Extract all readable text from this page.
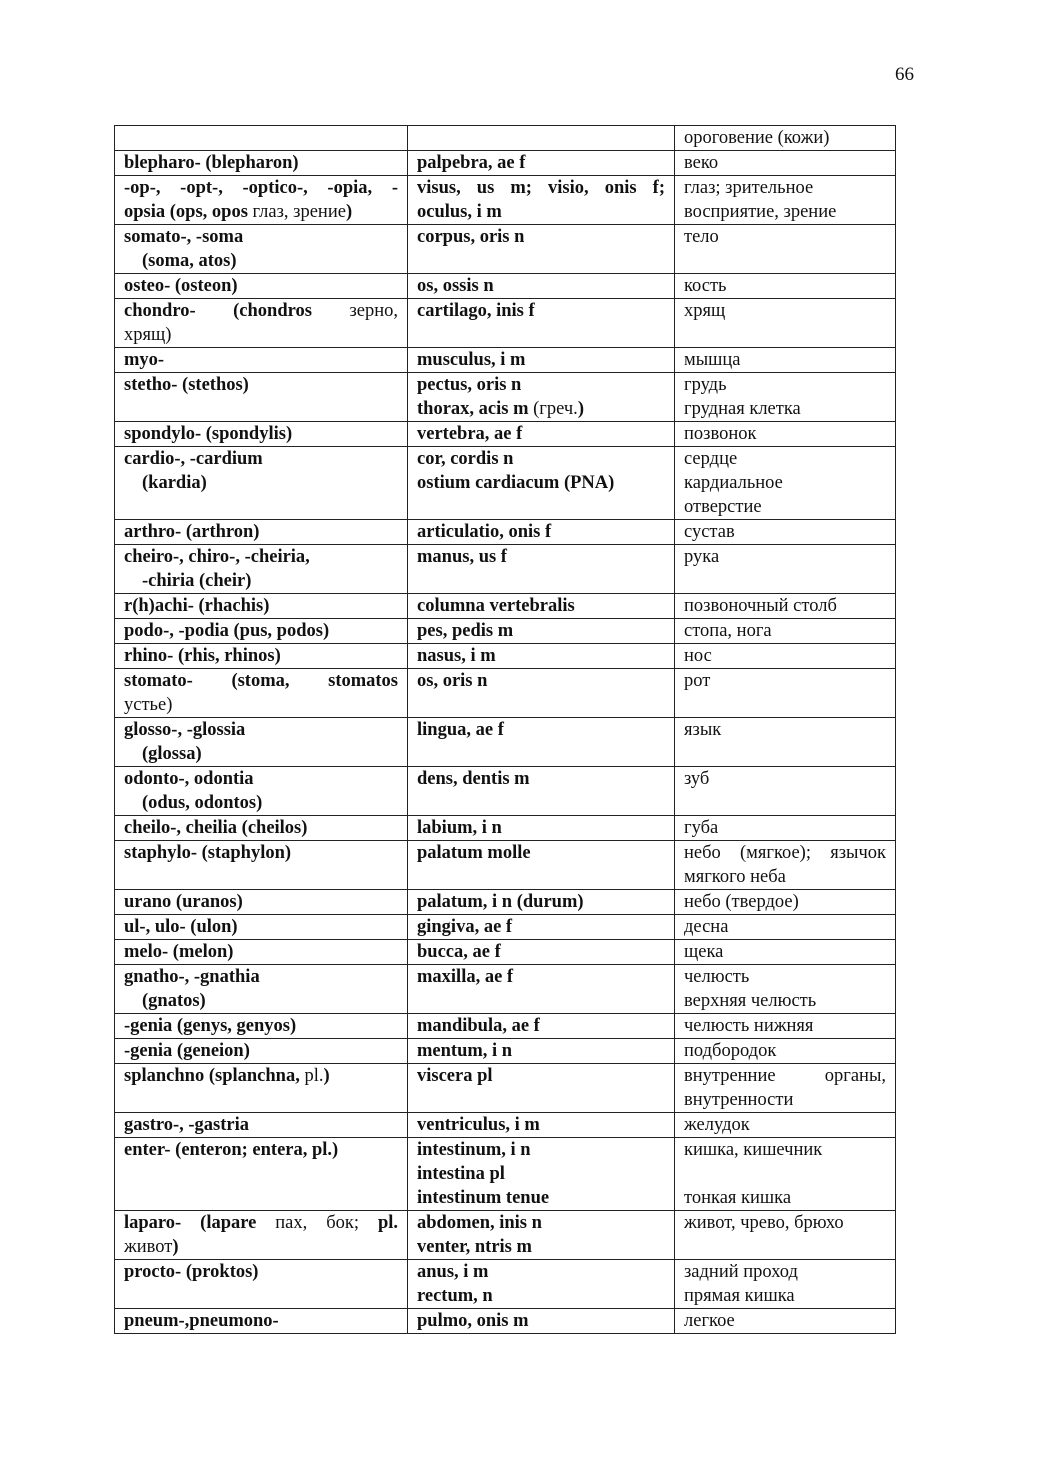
66

		ороговение (кожи)

blepharo- (blepharon)	palpebra, ae f	веко

-op-, -opt-, -optico-, -opia, -
opsia (ops, opos глаз, зрение)	visus, us m; visio, onis f;
oculus, i m	глаз; зрительное
восприятие, зрение

somato-, -soma
(soma, atos)	corpus, oris n	тело

osteo- (osteon)	os, ossis n	кость

chondro- (chondros зерно,
хрящ)	cartilago, inis f	хрящ

myo-	musculus, i m	мышца

stetho- (stethos)	pectus, oris n
thorax, acis m (греч.)	грудь
грудная клетка

spondylo- (spondylis)	vertebra, ae f	позвонок

cardio-, -cardium
(kardia)	cor, cordis n
ostium cardiacum (PNA)	сердце
кардиальное
отверстие

arthro- (arthron)	articulatio, onis f	сустав

cheiro-, chiro-, -cheiria,
-chiria (cheir)	manus, us f	рука

r(h)achi- (rhachis)	columna vertebralis	позвоночный столб

podo-, -podia (pus, podos)	pes, pedis m	стопа, нога

rhino- (rhis, rhinos)	nasus, i m	нос

stomato- (stoma, stomatos
устье)	os, oris n	рот

glosso-, -glossia
(glossa)	lingua, ae f	язык

odonto-, odontia
(odus, odontos)	dens, dentis m	зуб

cheilo-, cheilia (cheilos)	labium, i n	губа

staphylo- (staphylon)	palatum molle	небо (мягкое); язычок
мягкого неба

urano (uranos)	palatum, i n (durum)	небо (твердое)

ul-, ulo- (ulon)	gingiva, ae f	десна

melo- (melon)	bucca, ae f	щека

gnatho-, -gnathia
(gnatos)	maxilla, ae f	челюсть
верхняя челюсть

-genia (genys, genyos)	mandibula, ae f	челюсть нижняя

-genia (geneion)	mentum, i n	подбородок

splanchno (splanchna, pl.)	viscera pl	внутренние органы,
внутренности

gastro-, -gastria	ventriculus, i m	желудок

enter- (enteron; entera, pl.)	intestinum, i n
intestina pl
intestinum tenue	кишка, кишечник
тонкая кишка

laparo- (lapare пах, бок; pl.
живот)	abdomen, inis n
venter, ntris m	живот, чрево, брюхо

procto- (proktos)	anus, i m
rectum, n	задний проход
прямая кишка

pneum-,pneumono-	pulmo, onis m	легкое
